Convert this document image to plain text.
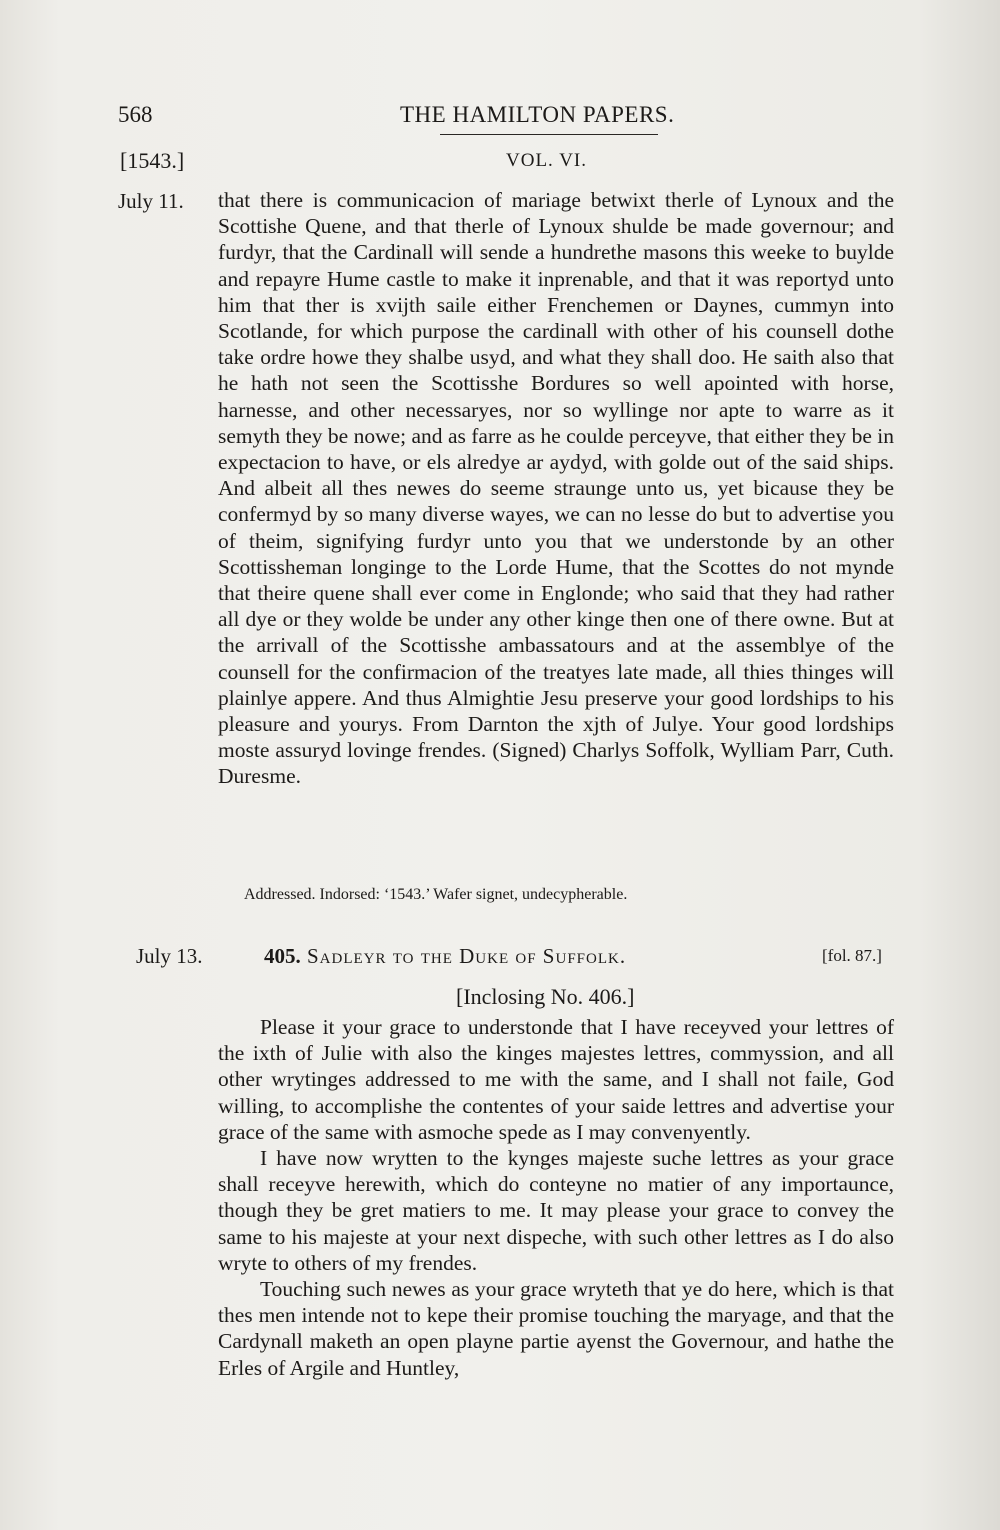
568	THE HAMILTON PAPERS.
[1543.]	VOL. VI.
July 11. that there is communicacion of mariage betwixt therle of Lynoux and the Scottishe Quene, and that therle of Lynoux shulde be made governour; and furdyr, that the Cardinall will sende a hundrethe masons this weeke to buylde and repayre Hume castle to make it inprenable, and that it was reportyd unto him that ther is xvijth saile either Frenchemen or Daynes, cummyn into Scotlande, for which purpose the cardinall with other of his counsell dothe take ordre howe they shalbe usyd, and what they shall doo. He saith also that he hath not seen the Scottisshe Bordures so well apointed with horse, harnesse, and other necessaryes, nor so wyllinge nor apte to warre as it semyth they be nowe; and as farre as he coulde perceyve, that either they be in expectacion to have, or els alredye ar aydyd, with golde out of the said ships. And albeit all thes newes do seeme straunge unto us, yet bicause they be confermyd by so many diverse wayes, we can no lesse do but to advertise you of theim, signifying furdyr unto you that we understonde by an other Scottissheman longinge to the Lorde Hume, that the Scottes do not mynde that theire quene shall ever come in Englonde; who said that they had rather all dye or they wolde be under any other kinge then one of there owne. But at the arrivall of the Scottisshe ambassatours and at the assemblye of the counsell for the confirmacion of the treatyes late made, all thies thinges will plainlye appere. And thus Almightie Jesu preserve your good lordships to his pleasure and yourys. From Darnton the xjth of Julye. Your good lordships moste assuryd lovinge frendes. (Signed) Charlys Soffolk, Wylliam Parr, Cuth. Duresme.

Addressed. Indorsed: ‘1543.’ Wafer signet, undecypherable.
July 13.	405. Sadleyr to the Duke of Suffolk.	[fol. 87.]
[Inclosing No. 406.]

Please it your grace to understonde that I have receyved your lettres of the ixth of Julie with also the kinges majestes lettres, commyssion, and all other wrytinges addressed to me with the same, and I shall not faile, God willing, to accomplishe the contentes of your saide lettres and advertise your grace of the same with asmoche spede as I may convenyently.

I have now wrytten to the kynges majeste suche lettres as your grace shall receyve herewith, which do conteyne no matier of any importaunce, though they be gret matiers to me. It may please your grace to convey the same to his majeste at your next dispeche, with such other lettres as I do also wryte to others of my frendes.

Touching such newes as your grace wryteth that ye do here, which is that thes men intende not to kepe their promise touching the maryage, and that the Cardynall maketh an open playne partie ayenst the Governour, and hathe the Erles of Argile and Huntley,
